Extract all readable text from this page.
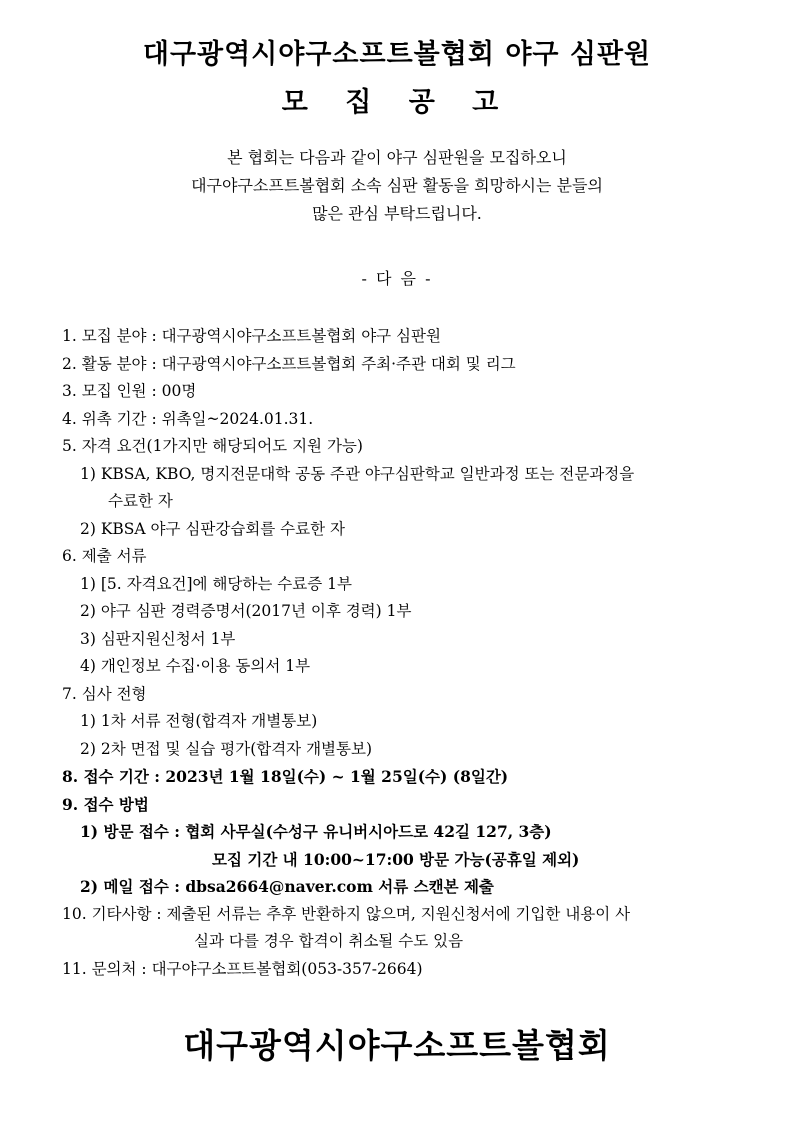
대구광역시야구소프트볼협회 야구 심판원
모 집 공 고
본 협회는 다음과 같이 야구 심판원을 모집하오니
대구야구소프트볼협회 소속 심판 활동을 희망하시는 분들의
많은 관심 부탁드립니다.
- 다 음 -
1. 모집 분야 : 대구광역시야구소프트볼협회 야구 심판원
2. 활동 분야 : 대구광역시야구소프트볼협회 주최·주관 대회 및 리그
3. 모집 인원 : 00명
4. 위촉 기간 : 위촉일~2024.01.31.
5. 자격 요건(1가지만 해당되어도 지원 가능)
1) KBSA, KBO, 명지전문대학 공동 주관 야구심판학교 일반과정 또는 전문과정을
수료한 자
2) KBSA 야구 심판강습회를 수료한 자
6. 제출 서류
1) [5. 자격요건]에 해당하는 수료증 1부
2) 야구 심판 경력증명서(2017년 이후 경력) 1부
3) 심판지원신청서 1부
4) 개인정보 수집·이용 동의서 1부
7. 심사 전형
1) 1차 서류 전형(합격자 개별통보)
2) 2차 면접 및 실습 평가(합격자 개별통보)
8. 접수 기간 : 2023년 1월 18일(수) ~ 1월 25일(수) (8일간)
9. 접수 방법
1) 방문 접수 : 협회 사무실(수성구 유니버시아드로 42길 127, 3층)
모집 기간 내 10:00~17:00 방문 가능(공휴일 제외)
2) 메일 접수 : dbsa2664@naver.com 서류 스캔본 제출
10. 기타사항 : 제출된 서류는 추후 반환하지 않으며, 지원신청서에 기입한 내용이 사
실과 다를 경우 합격이 취소될 수도 있음
11. 문의처 : 대구야구소프트볼협회(053-357-2664)
대구광역시야구소프트볼협회
